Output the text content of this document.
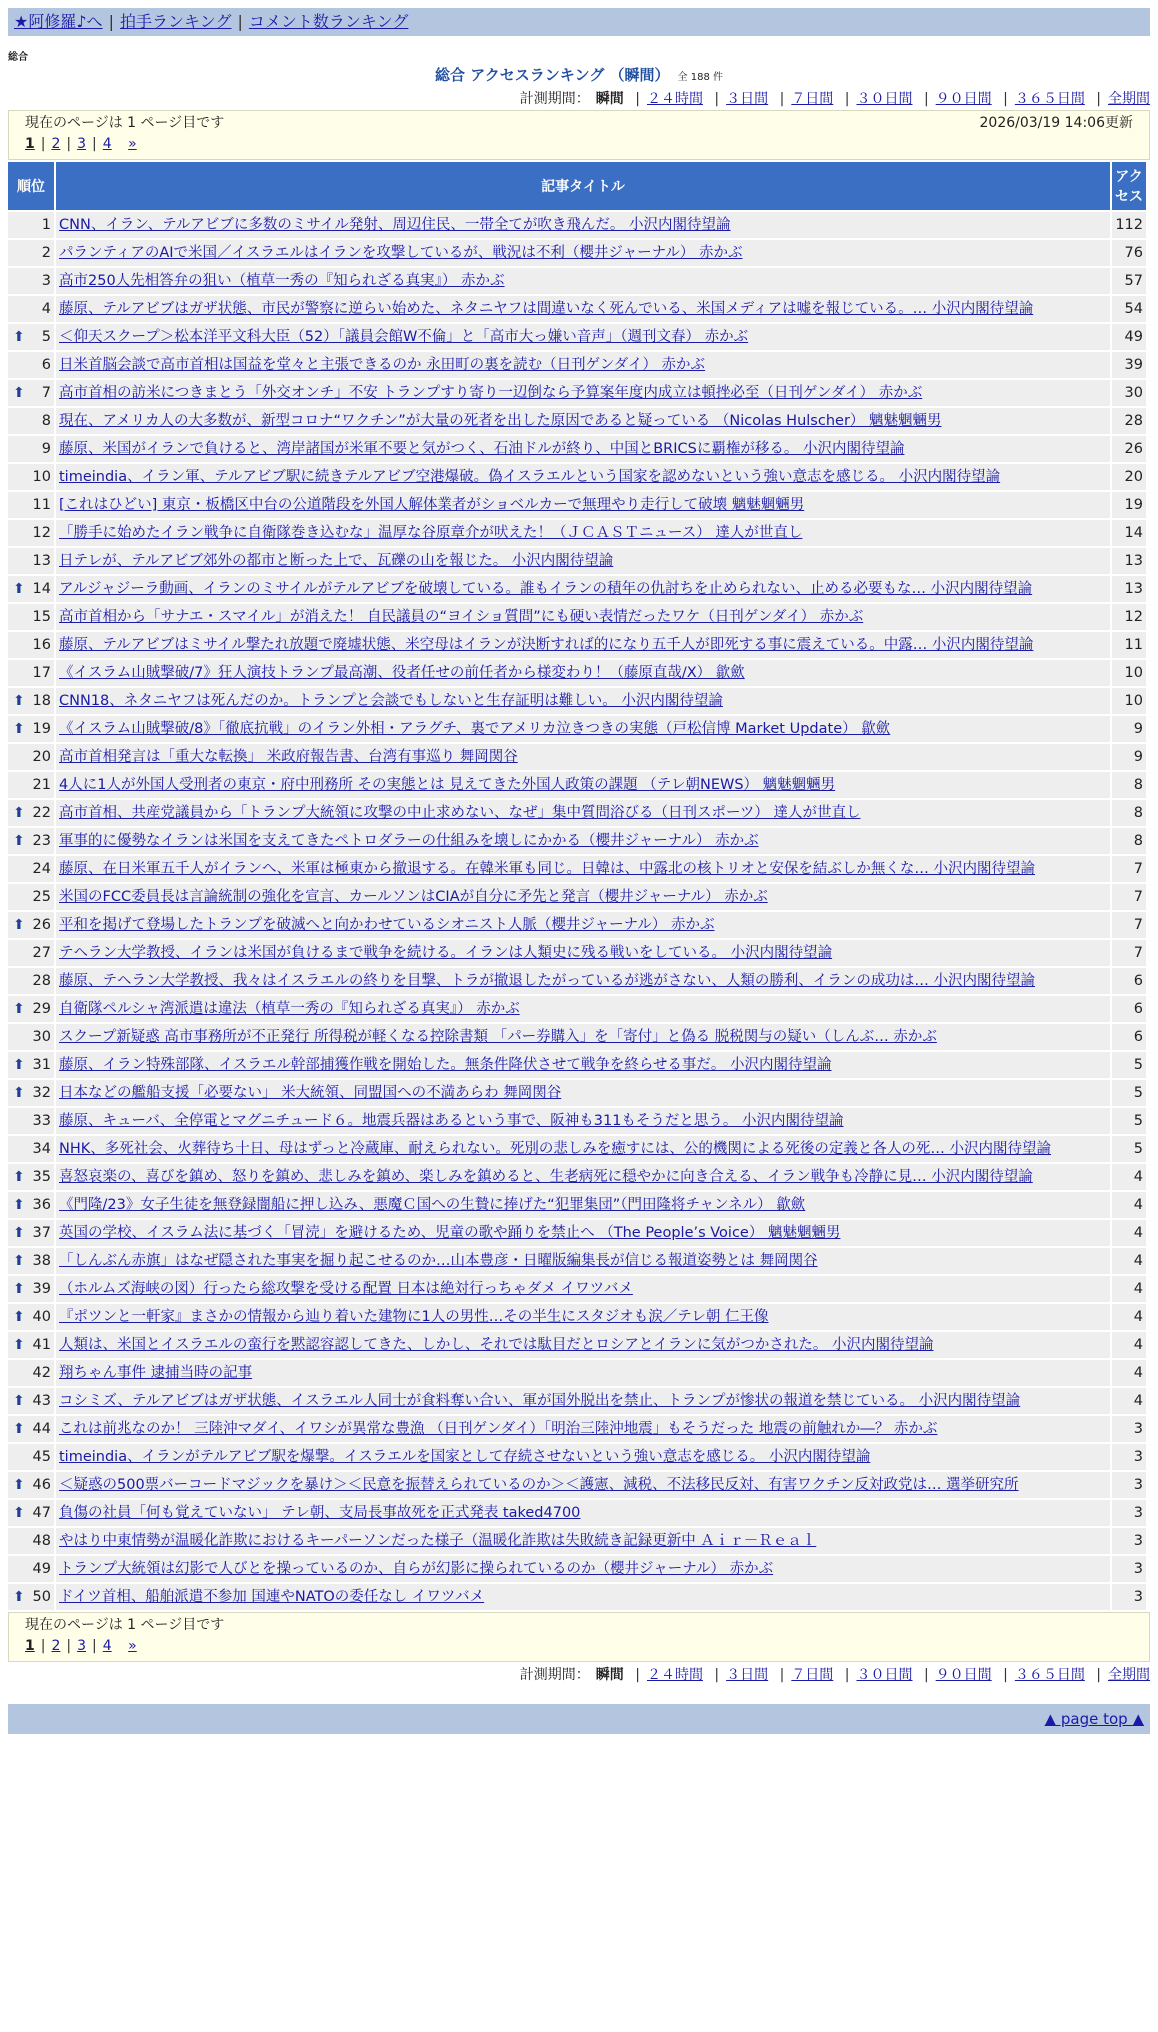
★阿修羅♪へ | 拍手ランキング | コメント数ランキング
総合
総合 アクセスランキング （瞬間） 全 188 件
計測期間： 瞬間 | ２４時間 | ３日間 | ７日間 | ３０日間 | ９０日間 | ３６５日間 | 全期間
現在のページは 1 ページ目です	2026/03/19 14:06更新
1 | 2 | 3 | 4 »
順位	記事タイトル	アクセス
1	CNN、イラン、テルアビブに多数のミサイル発射、周辺住民、一帯全てが吹き飛んだ。 小沢内閣待望論	112
2	パランティアのAIで米国／イスラエルはイランを攻撃しているが、戦況は不利（櫻井ジャーナル） 赤かぶ	76
3	高市250人先相答弁の狙い（植草一秀の『知られざる真実』） 赤かぶ	57
4	藤原、テルアビブはガザ状態、市民が警察に逆らい始めた、ネタニヤフは間違いなく死んでいる、米国メディアは嘘を報じている。… 小沢内閣待望論	54

⬆ 5	＜仰天スクープ＞松本洋平文科大臣（52）「議員会館W不倫」と「高市大っ嫌い音声」（週刊文春） 赤かぶ	49
6	日米首脳会談で高市首相は国益を堂々と主張できるのか 永田町の裏を読む（日刊ゲンダイ） 赤かぶ	39

⬆ 7	高市首相の訪米につきまとう「外交オンチ」不安 トランプすり寄り一辺倒なら予算案年度内成立は頓挫必至（日刊ゲンダイ） 赤かぶ	30
8	現在、アメリカ人の大多数が、新型コロナ“ワクチン”が大量の死者を出した原因であると疑っている （Nicolas Hulscher） 魑魅魍魎男	28
9	藤原、米国がイランで負けると、湾岸諸国が米軍不要と気がつく、石油ドルが終り、中国とBRICSに覇権が移る。 小沢内閣待望論	26
10	timeindia、イラン軍、テルアビブ駅に続きテルアビブ空港爆破。偽イスラエルという国家を認めないという強い意志を感じる。 小沢内閣待望論	20
11	[これはひどい] 東京・板橋区中台の公道階段を外国人解体業者がショベルカーで無理やり走行して破壊 魑魅魍魎男	19
12	「勝手に始めたイラン戦争に自衛隊巻き込むな」温厚な谷原章介が吠えた！（ＪＣＡＳＴニュース） 達人が世直し	14
13	日テレが、テルアビブ郊外の都市と断った上で、瓦礫の山を報じた。 小沢内閣待望論	13

⬆ 14	アルジャジーラ動画、イランのミサイルがテルアビブを破壊している。誰もイランの積年の仇討ちを止められない、止める必要もな… 小沢内閣待望論	13
15	高市首相から「サナエ・スマイル」が消えた！ 自民議員の“ヨイショ質問”にも硬い表情だったワケ（日刊ゲンダイ） 赤かぶ	12
16	藤原、テルアビブはミサイル撃たれ放題で廃墟状態、米空母はイランが決断すれば的になり五千人が即死する事に震えている。中露… 小沢内閣待望論	11
17	《イスラム山賊撃破/7》狂人演技トランプ最高潮、役者任せの前任者から様変わり！（藤原直哉/X） 歙歛	10

⬆ 18	CNN18、ネタニヤフは死んだのか。トランプと会談でもしないと生存証明は難しい。 小沢内閣待望論	10

⬆ 19	《イスラム山賊撃破/8》「徹底抗戦」のイラン外相・アラグチ、裏でアメリカ泣きつきの実態（戸松信博 Market Update） 歙歛	9
20	高市首相発言は「重大な転換」 米政府報告書、台湾有事巡り 舞岡関谷	9
21	4人に1人が外国人受刑者の東京・府中刑務所 その実態とは 見えてきた外国人政策の課題 （テレ朝NEWS） 魑魅魍魎男	8

⬆ 22	高市首相、共産党議員から「トランプ大統領に攻撃の中止求めない、なぜ」集中質問浴びる（日刊スポーツ） 達人が世直し	8

⬆ 23	軍事的に優勢なイランは米国を支えてきたペトロダラーの仕組みを壊しにかかる（櫻井ジャーナル） 赤かぶ	8
24	藤原、在日米軍五千人がイランへ、米軍は極東から撤退する。在韓米軍も同じ。日韓は、中露北の核トリオと安保を結ぶしか無くな… 小沢内閣待望論	7
25	米国のFCC委員長は言論統制の強化を宣言、カールソンはCIAが自分に矛先と発言（櫻井ジャーナル） 赤かぶ	7

⬆ 26	平和を掲げて登場したトランプを破滅へと向かわせているシオニスト人脈（櫻井ジャーナル） 赤かぶ	7
27	テヘラン大学教授、イランは米国が負けるまで戦争を続ける。イランは人類史に残る戦いをしている。 小沢内閣待望論	7
28	藤原、テヘラン大学教授、我々はイスラエルの終りを目撃、トラが撤退したがっているが逃がさない、人類の勝利、イランの成功は… 小沢内閣待望論	6

⬆ 29	自衛隊ペルシャ湾派遣は違法（植草一秀の『知られざる真実』） 赤かぶ	6
30	スクープ新疑惑 高市事務所が不正発行 所得税が軽くなる控除書類 「パー券購入」を「寄付」と偽る 脱税関与の疑い（しんぶ… 赤かぶ	6

⬆ 31	藤原、イラン特殊部隊、イスラエル幹部捕獲作戦を開始した。無条件降伏させて戦争を終らせる事だ。 小沢内閣待望論	5

⬆ 32	日本などの艦船支援「必要ない」 米大統領、同盟国への不満あらわ 舞岡関谷	5
33	藤原、キューバ、全停電とマグニチュード６。地震兵器はあるという事で、阪神も311もそうだと思う。 小沢内閣待望論	5
34	NHK、多死社会、火葬待ち十日、母はずっと冷蔵庫、耐えられない。死別の悲しみを癒すには、公的機関による死後の定義と各人の死… 小沢内閣待望論	5

⬆ 35	喜怒哀楽の、喜びを鎮め、怒りを鎮め、悲しみを鎮め、楽しみを鎮めると、生老病死に穏やかに向き合える、イラン戦争も冷静に見… 小沢内閣待望論	4

⬆ 36	《門隆/23》女子生徒を無登録闇船に押し込み、悪魔Ｃ国への生贄に捧げた“犯罪集団”（門田隆将チャンネル） 歙歛	4

⬆ 37	英国の学校、イスラム法に基づく「冒涜」を避けるため、児童の歌や踊りを禁止へ （The People’s Voice） 魑魅魍魎男	4

⬆ 38	「しんぶん赤旗」はなぜ隠された事実を掘り起こせるのか…山本豊彦・日曜版編集長が信じる報道姿勢とは 舞岡関谷	4

⬆ 39	（ホルムズ海峡の図）行ったら総攻撃を受ける配置 日本は絶対行っちゃダメ イワツバメ	4

⬆ 40	『ポツンと一軒家』まさかの情報から辿り着いた建物に1人の男性…その半生にスタジオも涙／テレ朝 仁王像	4

⬆ 41	人類は、米国とイスラエルの蛮行を黙認容認してきた、しかし、それでは駄目だとロシアとイランに気がつかされた。 小沢内閣待望論	4
42	翔ちゃん事件 逮捕当時の記事	4

⬆ 43	コシミズ、テルアビブはガザ状態、イスラエル人同士が食料奪い合い、軍が国外脱出を禁止、トランプが惨状の報道を禁じている。 小沢内閣待望論	4

⬆ 44	これは前兆なのか！ 三陸沖マダイ、イワシが異常な豊漁 （日刊ゲンダイ）「明治三陸沖地震」もそうだった 地震の前触れか―？ 赤かぶ	3
45	timeindia、イランがテルアビブ駅を爆撃。イスラエルを国家として存続させないという強い意志を感じる。 小沢内閣待望論	3

⬆ 46	＜疑惑の500票バーコードマジックを暴け＞＜民意を振替えられているのか＞＜護憲、減税、不法移民反対、有害ワクチン反対政党は… 選挙研究所	3

⬆ 47	負傷の社員「何も覚えていない」 テレ朝、支局長事故死を正式発表 taked4700	3
48	やはり中東情勢が温暖化詐欺におけるキーパーソンだった様子（温暖化詐欺は失敗続き記録更新中 Ａｉｒ－Ｒｅａｌ	3
49	トランプ大統領は幻影で人びとを操っているのか、自らが幻影に操られているのか（櫻井ジャーナル） 赤かぶ	3

⬆ 50	ドイツ首相、船舶派遣不参加 国連やNATOの委任なし イワツバメ	3
現在のページは 1 ページ目です
1 | 2 | 3 | 4 »
計測期間： 瞬間 | ２４時間 | ３日間 | ７日間 | ３０日間 | ９０日間 | ３６５日間 | 全期間
▲ page top ▲
